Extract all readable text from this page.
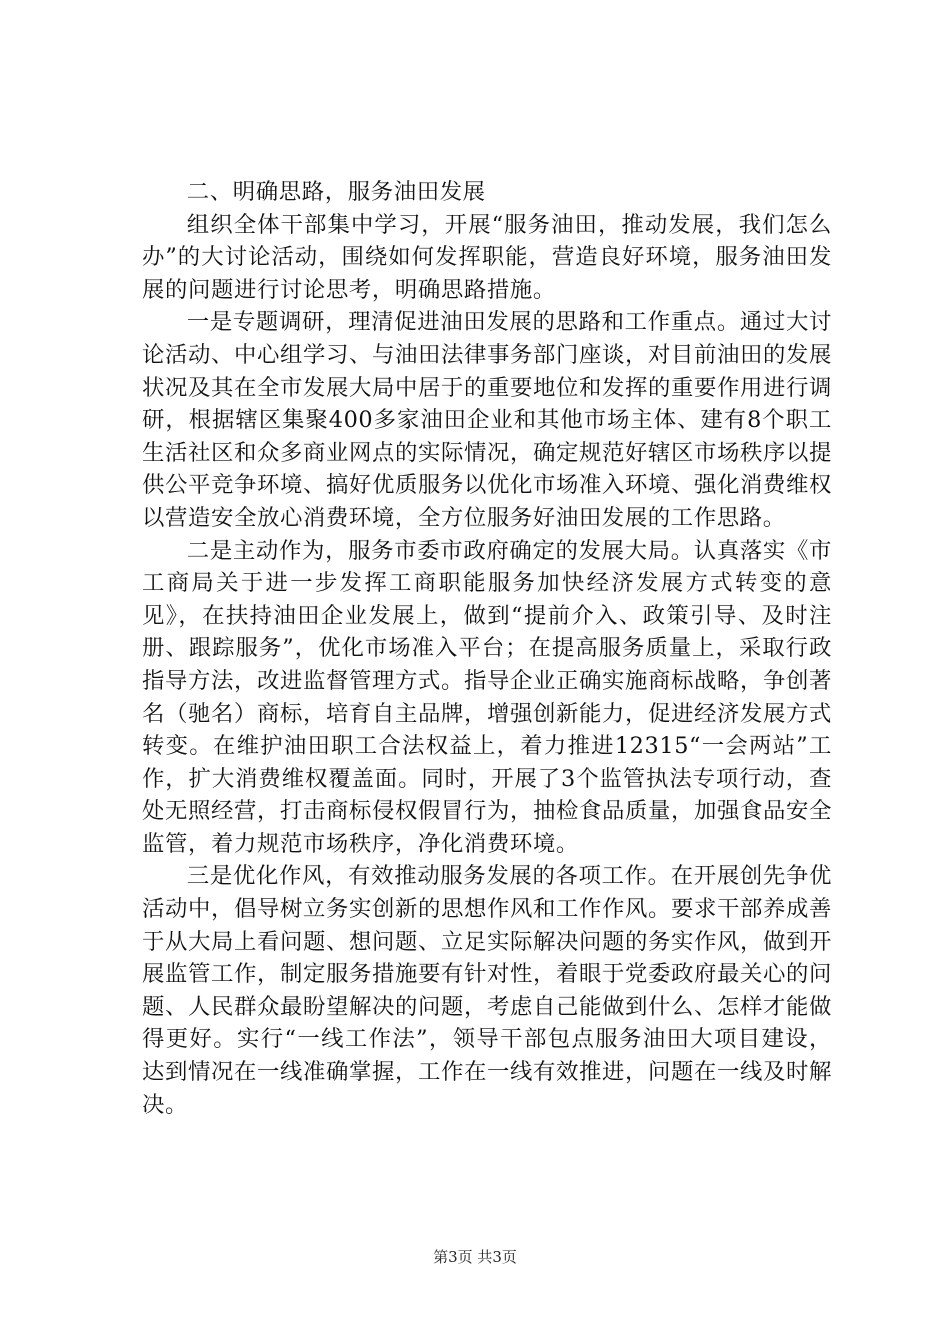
二、明确思路，服务油田发展

组织全体干部集中学习，开展“服务油田，推动发展，我们怎么办”的大讨论活动，围绕如何发挥职能，营造良好环境，服务油田发展的问题进行讨论思考，明确思路措施。

一是专题调研，理清促进油田发展的思路和工作重点。通过大讨论活动、中心组学习、与油田法律事务部门座谈，对目前油田的发展状况及其在全市发展大局中居于的重要地位和发挥的重要作用进行调研，根据辖区集聚400多家油田企业和其他市场主体、建有8个职工生活社区和众多商业网点的实际情况，确定规范好辖区市场秩序以提供公平竞争环境、搞好优质服务以优化市场准入环境、强化消费维权以营造安全放心消费环境，全方位服务好油田发展的工作思路。

二是主动作为，服务市委市政府确定的发展大局。认真落实《市工商局关于进一步发挥工商职能服务加快经济发展方式转变的意见》，在扶持油田企业发展上，做到“提前介入、政策引导、及时注册、跟踪服务”，优化市场准入平台；在提高服务质量上，采取行政指导方法，改进监督管理方式。指导企业正确实施商标战略，争创著名（驰名）商标，培育自主品牌，增强创新能力，促进经济发展方式转变。在维护油田职工合法权益上，着力推进12315“一会两站”工作，扩大消费维权覆盖面。同时，开展了3个监管执法专项行动，查处无照经营，打击商标侵权假冒行为，抽检食品质量，加强食品安全监管，着力规范市场秩序，净化消费环境。

三是优化作风，有效推动服务发展的各项工作。在开展创先争优活动中，倡导树立务实创新的思想作风和工作作风。要求干部养成善于从大局上看问题、想问题、立足实际解决问题的务实作风，做到开展监管工作，制定服务措施要有针对性，着眼于党委政府最关心的问题、人民群众最盼望解决的问题，考虑自己能做到什么、怎样才能做得更好。实行“一线工作法”，领导干部包点服务油田大项目建设，达到情况在一线准确掌握，工作在一线有效推进，问题在一线及时解决。

第3页 共3页
